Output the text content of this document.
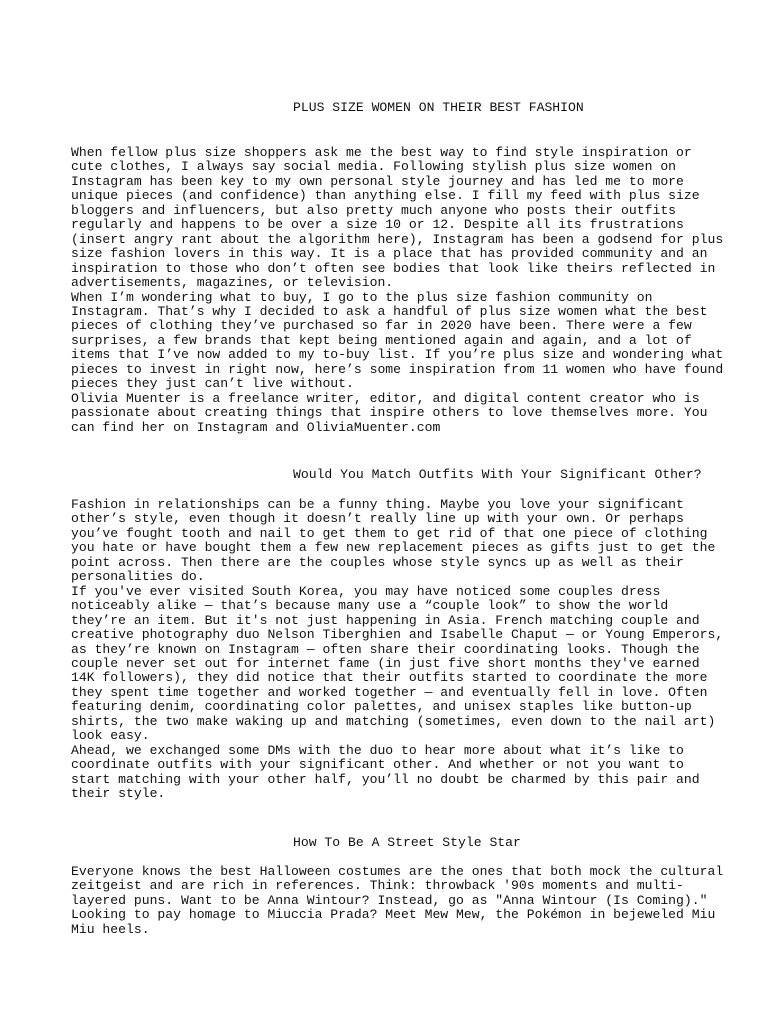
PLUS SIZE WOMEN ON THEIR BEST FASHION

When fellow plus size shoppers ask me the best way to find style inspiration or
cute clothes, I always say social media. Following stylish plus size women on
Instagram has been key to my own personal style journey and has led me to more
unique pieces (and confidence) than anything else. I fill my feed with plus size
bloggers and influencers, but also pretty much anyone who posts their outfits
regularly and happens to be over a size 10 or 12. Despite all its frustrations
(insert angry rant about the algorithm here), Instagram has been a godsend for plus
size fashion lovers in this way. It is a place that has provided community and an
inspiration to those who don’t often see bodies that look like theirs reflected in
advertisements, magazines, or television.

When I’m wondering what to buy, I go to the plus size fashion community on
Instagram. That’s why I decided to ask a handful of plus size women what the best
pieces of clothing they’ve purchased so far in 2020 have been. There were a few
surprises, a few brands that kept being mentioned again and again, and a lot of
items that I’ve now added to my to-buy list. If you’re plus size and wondering what
pieces to invest in right now, here’s some inspiration from 11 women who have found
pieces they just can’t live without.

Olivia Muenter is a freelance writer, editor, and digital content creator who is
passionate about creating things that inspire others to love themselves more. You
can find her on Instagram and OliviaMuenter.com

Would You Match Outfits With Your Significant Other?

Fashion in relationships can be a funny thing. Maybe you love your significant
other’s style, even though it doesn’t really line up with your own. Or perhaps
you’ve fought tooth and nail to get them to get rid of that one piece of clothing
you hate or have bought them a few new replacement pieces as gifts just to get the
point across. Then there are the couples whose style syncs up as well as their
personalities do.

If you've ever visited South Korea, you may have noticed some couples dress
noticeably alike — that’s because many use a “couple look” to show the world
they’re an item. But it's not just happening in Asia. French matching couple and
creative photography duo Nelson Tiberghien and Isabelle Chaput — or Young Emperors,
as they’re known on Instagram — often share their coordinating looks. Though the
couple never set out for internet fame (in just five short months they've earned
14K followers), they did notice that their outfits started to coordinate the more
they spent time together and worked together — and eventually fell in love. Often
featuring denim, coordinating color palettes, and unisex staples like button-up
shirts, the two make waking up and matching (sometimes, even down to the nail art)
look easy.

Ahead, we exchanged some DMs with the duo to hear more about what it’s like to
coordinate outfits with your significant other. And whether or not you want to
start matching with your other half, you’ll no doubt be charmed by this pair and
their style.

How To Be A Street Style Star

Everyone knows the best Halloween costumes are the ones that both mock the cultural
zeitgeist and are rich in references. Think: throwback '90s moments and multi-
layered puns. Want to be Anna Wintour? Instead, go as "Anna Wintour (Is Coming)."
Looking to pay homage to Miuccia Prada? Meet Mew Mew, the Pokémon in bejeweled Miu
Miu heels.
